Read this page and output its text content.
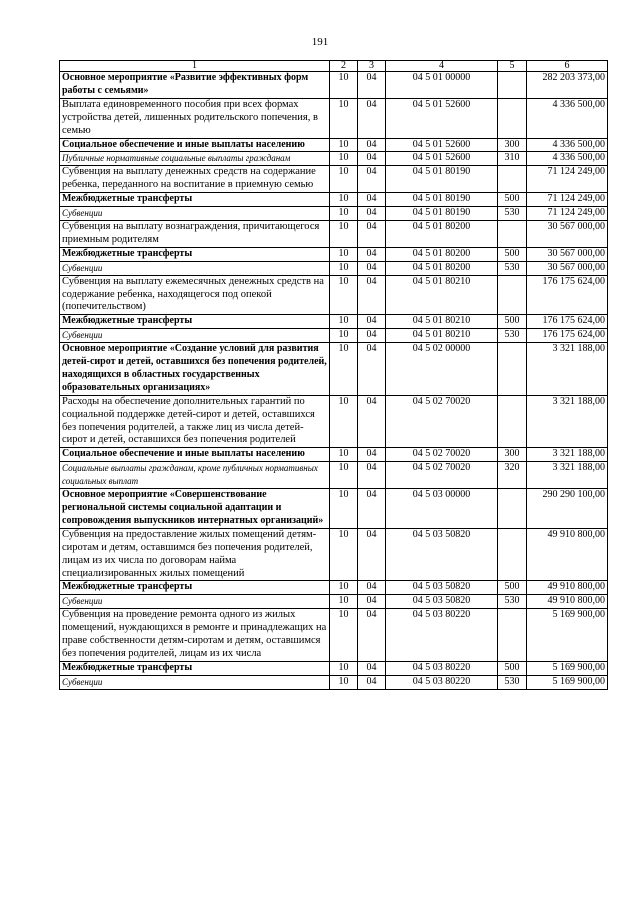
191
1	2	3	4	5	6
Основное мероприятие «Развитие эффективных форм работы с семьями»	10	04	04 5 01 00000		282 203 373,00
Выплата единовременного пособия при всех формах устройства детей, лишенных родительского попечения, в семью	10	04	04 5 01 52600		4 336 500,00
Социальное обеспечение и иные выплаты населению	10	04	04 5 01 52600	300	4 336 500,00
Публичные нормативные социальные выплаты гражданам	10	04	04 5 01 52600	310	4 336 500,00
Субвенция на выплату денежных средств на содержание ребенка, переданного на воспитание в приемную семью	10	04	04 5 01 80190		71 124 249,00
Межбюджетные трансферты	10	04	04 5 01 80190	500	71 124 249,00
Субвенции	10	04	04 5 01 80190	530	71 124 249,00
Субвенция на выплату вознаграждения, причитающегося приемным родителям	10	04	04 5 01 80200		30 567 000,00
Межбюджетные трансферты	10	04	04 5 01 80200	500	30 567 000,00
Субвенции	10	04	04 5 01 80200	530	30 567 000,00
Субвенция на выплату ежемесячных денежных средств на содержание ребенка, находящегося под опекой (попечительством)	10	04	04 5 01 80210		176 175 624,00
Межбюджетные трансферты	10	04	04 5 01 80210	500	176 175 624,00
Субвенции	10	04	04 5 01 80210	530	176 175 624,00
Основное мероприятие «Создание условий для развития детей-сирот и детей, оставшихся без попечения родителей, находящихся в областных государственных образовательных организациях»	10	04	04 5 02 00000		3 321 188,00
Расходы на обеспечение дополнительных гарантий по социальной поддержке детей-сирот и детей, оставшихся без попечения родителей, а также лиц из числа детей-сирот и детей, оставшихся без попечения родителей	10	04	04 5 02 70020		3 321 188,00
Социальное обеспечение и иные выплаты населению	10	04	04 5 02 70020	300	3 321 188,00
Социальные выплаты гражданам, кроме публичных нормативных социальных выплат	10	04	04 5 02 70020	320	3 321 188,00
Основное мероприятие «Совершенствование региональной системы социальной адаптации и сопровождения выпускников интернатных организаций»	10	04	04 5 03 00000		290 290 100,00
Субвенция на предоставление жилых помещений детям-сиротам и детям, оставшимся без попечения родителей, лицам из их числа по договорам найма специализированных жилых помещений	10	04	04 5 03 50820		49 910 800,00
Межбюджетные трансферты	10	04	04 5 03 50820	500	49 910 800,00
Субвенции	10	04	04 5 03 50820	530	49 910 800,00
Субвенция на проведение ремонта одного из жилых помещений, нуждающихся в ремонте и принадлежащих на праве собственности детям-сиротам и детям, оставшимся без попечения родителей, лицам из их числа	10	04	04 5 03 80220		5 169 900,00
Межбюджетные трансферты	10	04	04 5 03 80220	500	5 169 900,00
Субвенции	10	04	04 5 03 80220	530	5 169 900,00
